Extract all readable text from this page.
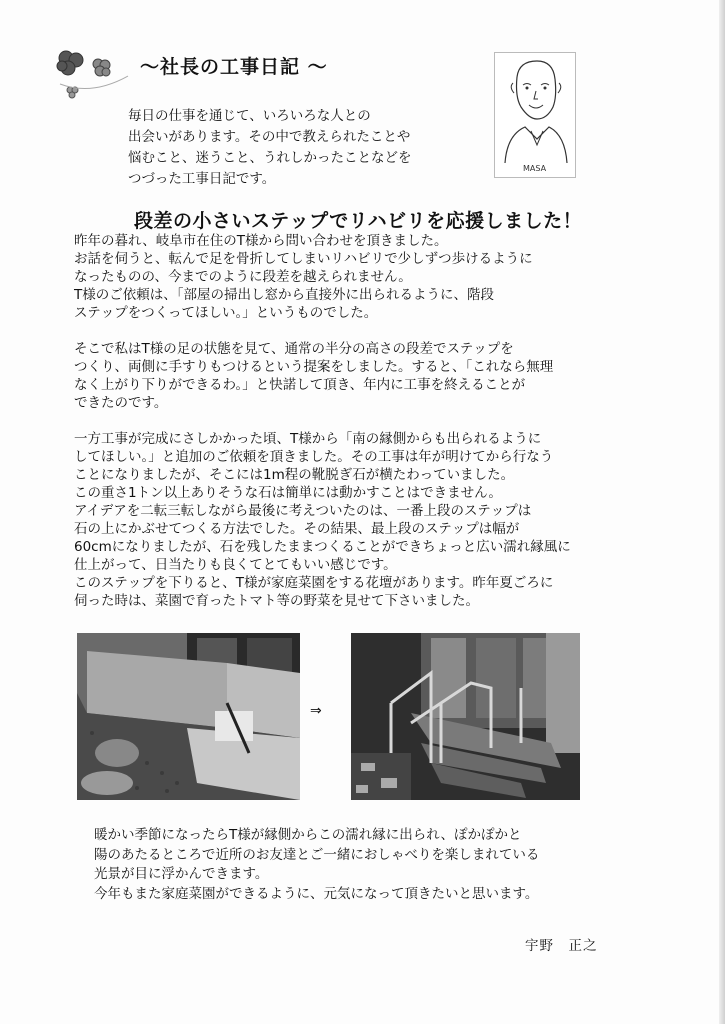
～社長の工事日記 ～
毎日の仕事を通じて、いろいろな人との
出会いがあります。その中で教えられたことや
悩むこと、迷うこと、うれしかったことなどを
つづった工事日記です。
MASA
段差の小さいステップでリハビリを応援しました！
昨年の暮れ、岐阜市在住のT様から問い合わせを頂きました。
お話を伺うと、転んで足を骨折してしまいリハビリで少しずつ歩けるように
なったものの、今までのように段差を越えられません。
T様のご依頼は、「部屋の掃出し窓から直接外に出られるように、階段
ステップをつくってほしい。」というものでした。
そこで私はT様の足の状態を見て、通常の半分の高さの段差でステップを
つくり、両側に手すりもつけるという提案をしました。すると、「これなら無理
なく上がり下りができるわ。」と快諾して頂き、年内に工事を終えることが
できたのです。
一方工事が完成にさしかかった頃、T様から「南の縁側からも出られるように
してほしい。」と追加のご依頼を頂きました。その工事は年が明けてから行なう
ことになりましたが、そこには1m程の靴脱ぎ石が横たわっていました。
この重さ1トン以上ありそうな石は簡単には動かすことはできません。
アイデアを二転三転しながら最後に考えついたのは、一番上段のステップは
石の上にかぶせてつくる方法でした。その結果、最上段のステップは幅が
60cmになりましたが、石を残したままつくることができちょっと広い濡れ縁風に
仕上がって、日当たりも良くてとてもいい感じです。
このステップを下りると、T様が家庭菜園をする花壇があります。昨年夏ごろに
伺った時は、菜園で育ったトマト等の野菜を見せて下さいました。
⇒
暖かい季節になったらT様が縁側からこの濡れ縁に出られ、ぽかぽかと
陽のあたるところで近所のお友達とご一緒におしゃべりを楽しまれている
光景が目に浮かんできます。
今年もまた家庭菜園ができるように、元気になって頂きたいと思います。
宇野　正之
